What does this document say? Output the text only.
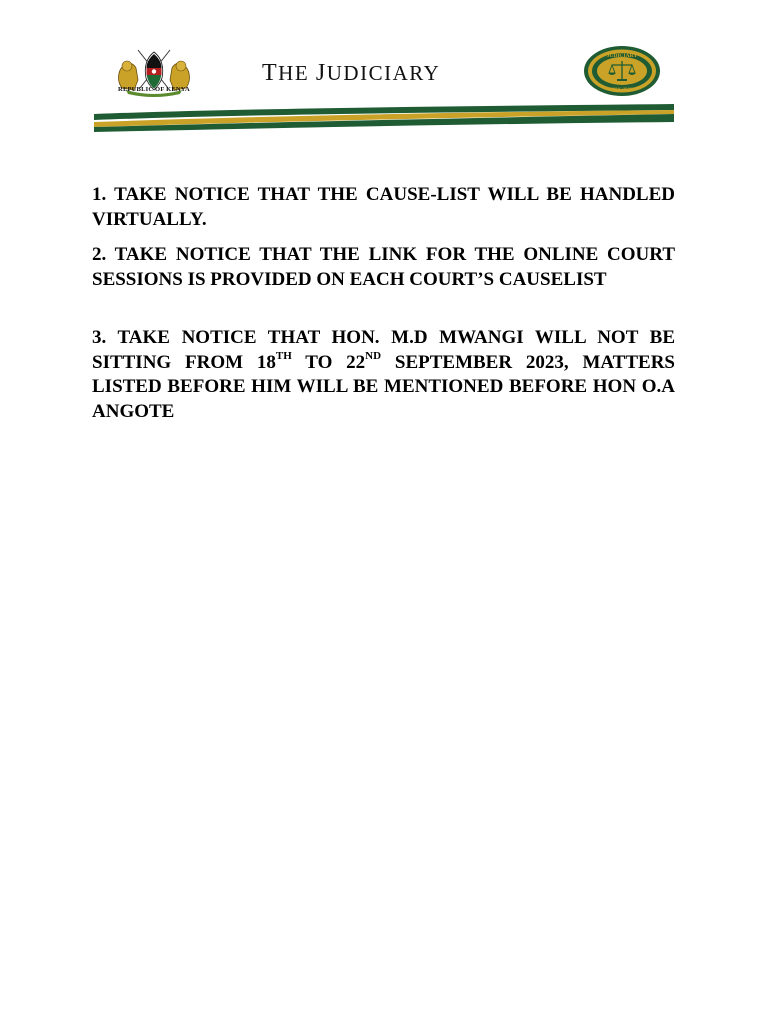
REPUBLIC OF KENYA
THE JUDICIARY
JUDICIARY
REPUBLIC OF KENYA

1. TAKE NOTICE THAT THE CAUSE-LIST WILL BE HANDLED VIRTUALLY.

2. TAKE NOTICE THAT THE LINK FOR THE ONLINE COURT SESSIONS IS PROVIDED ON EACH COURT’S CAUSELIST

3. TAKE NOTICE THAT HON. M.D MWANGI WILL NOT BE SITTING FROM 18TH TO 22ND SEPTEMBER 2023, MATTERS LISTED BEFORE HIM WILL BE MENTIONED BEFORE HON O.A ANGOTE
